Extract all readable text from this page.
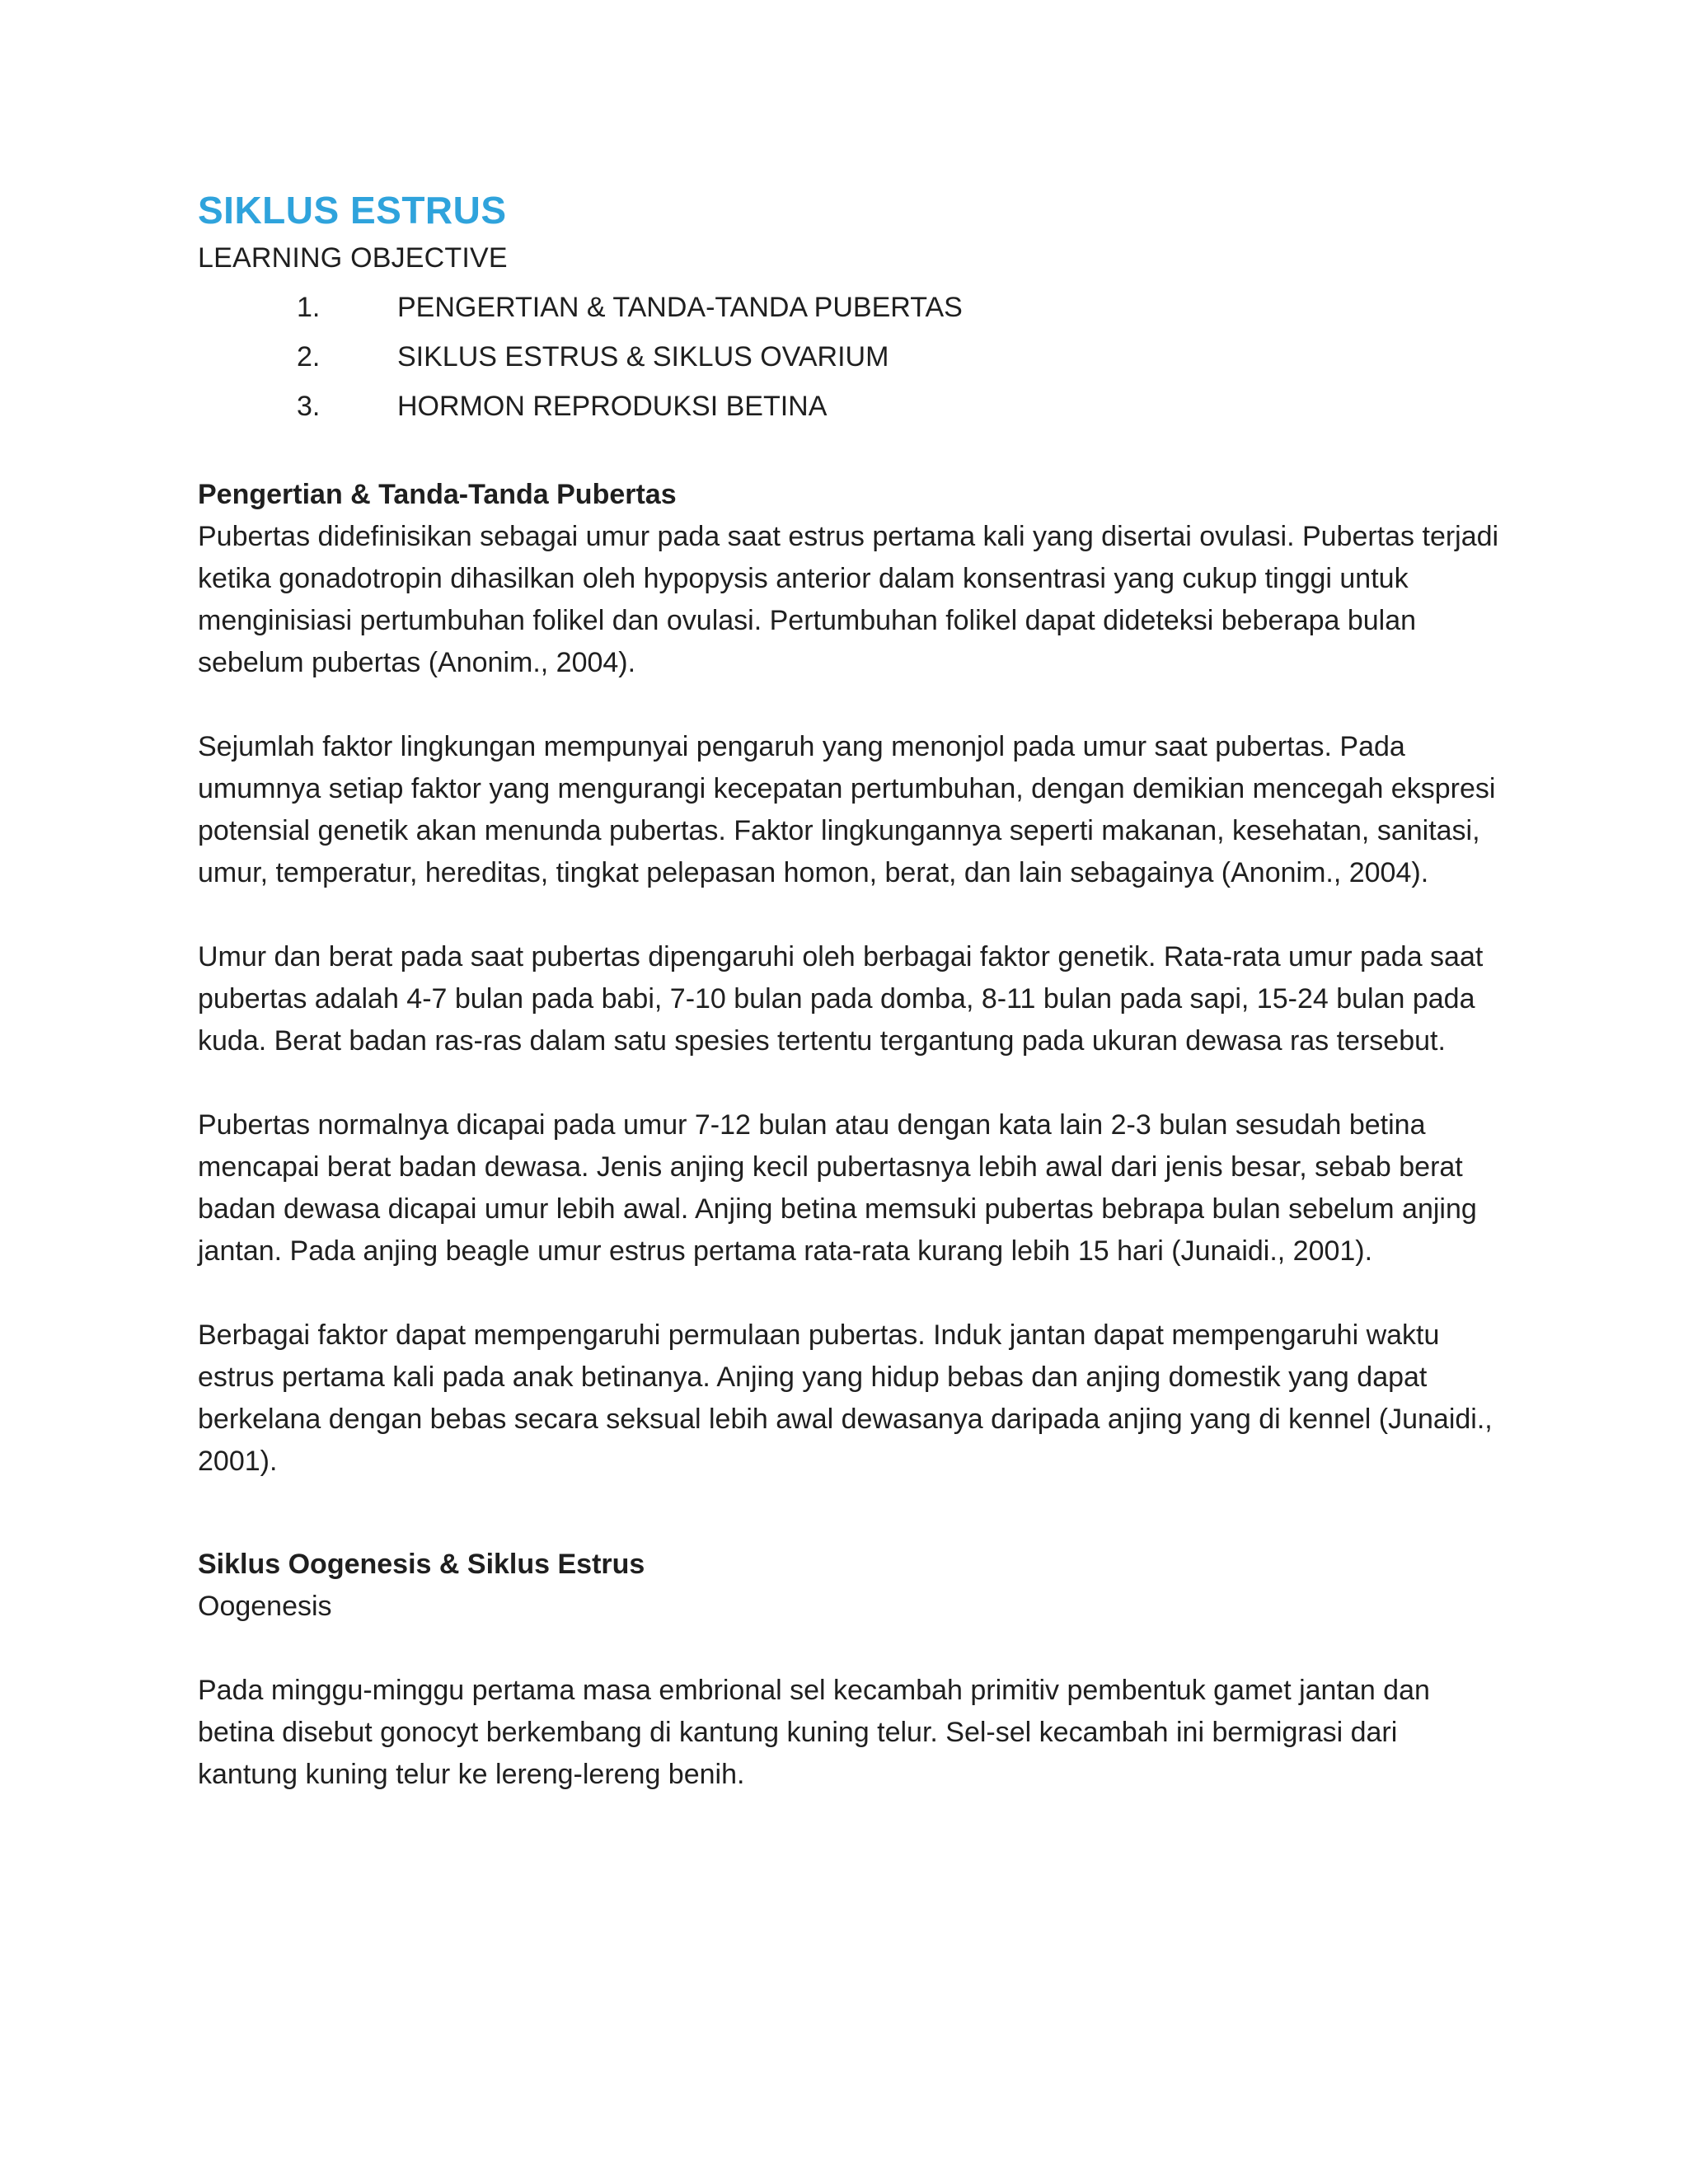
SIKLUS ESTRUS
LEARNING OBJECTIVE
1.	PENGERTIAN & TANDA-TANDA PUBERTAS
2.	SIKLUS ESTRUS & SIKLUS OVARIUM
3.	HORMON REPRODUKSI BETINA
Pengertian & Tanda-Tanda Pubertas

Pubertas didefinisikan sebagai umur pada saat estrus pertama kali yang disertai ovulasi. Pubertas terjadi ketika gonadotropin dihasilkan oleh hypopysis anterior dalam konsentrasi yang cukup tinggi untuk menginisiasi pertumbuhan folikel dan ovulasi. Pertumbuhan folikel dapat dideteksi beberapa bulan sebelum pubertas (Anonim., 2004).

Sejumlah faktor lingkungan mempunyai pengaruh yang menonjol pada umur saat pubertas. Pada umumnya setiap faktor yang mengurangi kecepatan pertumbuhan, dengan demikian mencegah ekspresi potensial genetik akan menunda pubertas. Faktor lingkungannya seperti makanan, kesehatan, sanitasi, umur, temperatur, hereditas, tingkat pelepasan homon, berat, dan lain sebagainya (Anonim., 2004).

Umur dan berat pada saat pubertas dipengaruhi oleh berbagai faktor genetik. Rata-rata umur pada saat pubertas adalah 4-7 bulan pada babi, 7-10 bulan pada domba, 8-11 bulan pada sapi, 15-24 bulan pada kuda. Berat badan ras-ras dalam satu spesies tertentu tergantung pada ukuran dewasa ras tersebut.

Pubertas normalnya dicapai pada umur 7-12 bulan atau dengan kata lain 2-3 bulan sesudah betina mencapai berat badan dewasa. Jenis anjing kecil pubertasnya lebih awal dari jenis besar, sebab berat badan dewasa dicapai umur lebih awal. Anjing betina memsuki pubertas bebrapa bulan sebelum anjing jantan. Pada anjing beagle umur estrus pertama rata-rata kurang lebih 15 hari (Junaidi., 2001).

Berbagai faktor dapat mempengaruhi permulaan pubertas. Induk jantan dapat mempengaruhi waktu estrus pertama kali pada anak betinanya. Anjing yang hidup bebas dan anjing domestik yang dapat berkelana dengan bebas secara seksual lebih awal dewasanya daripada anjing yang di kennel (Junaidi., 2001).

Siklus Oogenesis & Siklus Estrus
Oogenesis

Pada minggu-minggu pertama masa embrional sel kecambah primitiv pembentuk gamet jantan dan betina disebut gonocyt berkembang di kantung kuning telur. Sel-sel kecambah ini bermigrasi dari kantung kuning telur ke lereng-lereng benih.
